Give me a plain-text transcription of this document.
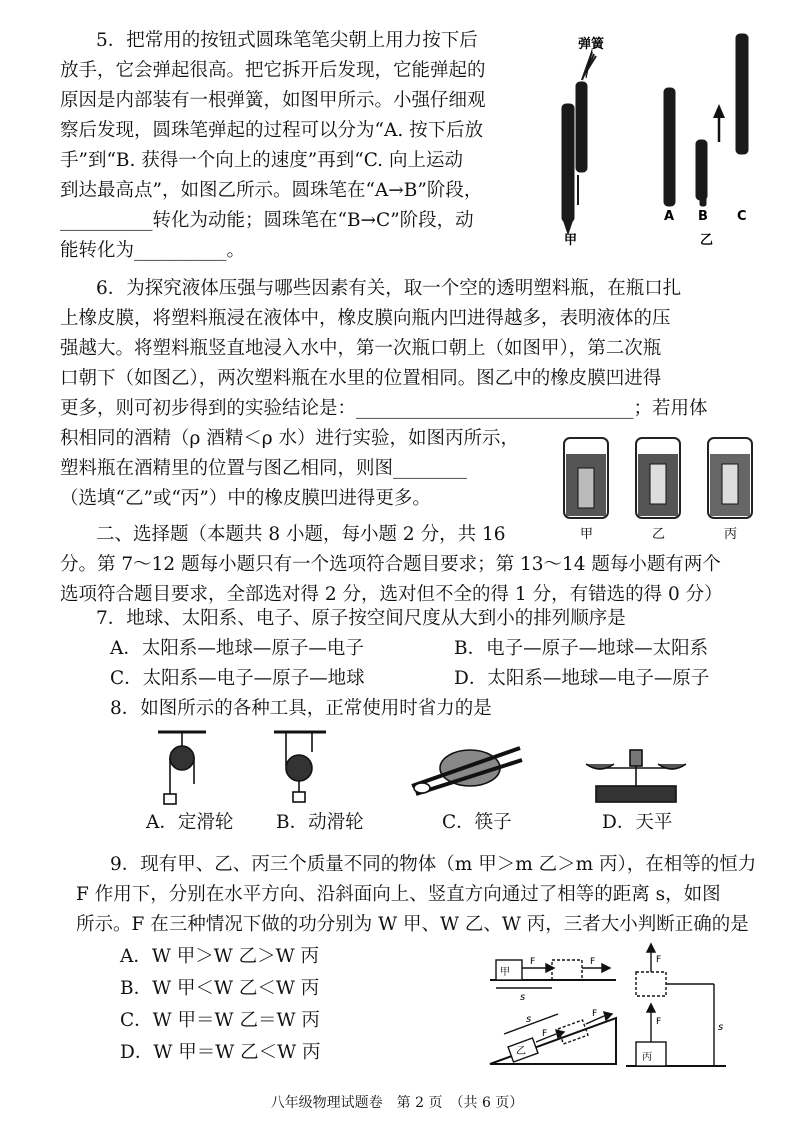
5．把常用的按钮式圆珠笔笔尖朝上用力按下后
放手，它会弹起很高。把它拆开后发现，它能弹起的
原因是内部装有一根弹簧，如图甲所示。小强仔细观
察后发现，圆珠笔弹起的过程可以分为“A. 按下后放
手”到“B. 获得一个向上的速度”再到“C. 向上运动
到达最高点”，如图乙所示。圆珠笔在“A→B”阶段，
__________转化为动能；圆珠笔在“B→C”阶段，动
能转化为__________。
弹簧
甲
A B C
乙
6．为探究液体压强与哪些因素有关，取一个空的透明塑料瓶，在瓶口扎
上橡皮膜，将塑料瓶浸在液体中，橡皮膜向瓶内凹进得越多，表明液体的压
强越大。将塑料瓶竖直地浸入水中，第一次瓶口朝上（如图甲），第二次瓶
口朝下（如图乙），两次塑料瓶在水里的位置相同。图乙中的橡皮膜凹进得
更多，则可初步得到的实验结论是：______________________________；若用体
积相同的酒精（ρ 酒精＜ρ 水）进行实验，如图丙所示，
塑料瓶在酒精里的位置与图乙相同，则图________
（选填“乙”或“丙”）中的橡皮膜凹进得更多。
甲	乙	丙
二、选择题（本题共 8 小题，每小题 2 分，共 16
分。第 7～12 题每小题只有一个选项符合题目要求；第 13～14 题每小题有两个
选项符合题目要求，全部选对得 2 分，选对但不全的得 1 分，有错选的得 0 分）
7．地球、太阳系、电子、原子按空间尺度从大到小的排列顺序是
A．太阳系—地球—原子—电子	B．电子—原子—地球—太阳系
C．太阳系—电子—原子—地球	D．太阳系—地球—电子—原子
8．如图所示的各种工具，正常使用时省力的是
A．定滑轮 B．动滑轮	C．筷子	D．天平
9．现有甲、乙、丙三个质量不同的物体（m 甲＞m 乙＞m 丙），在相等的恒力
F 作用下，分别在水平方向、沿斜面向上、竖直方向通过了相等的距离 s，如图
所示。F 在三种情况下做的功分别为 W 甲、W 乙、W 丙，三者大小判断正确的是
A．W 甲＞W 乙＞W 丙
B．W 甲＜W 乙＜W 丙
C．W 甲＝W 乙＝W 丙
D．W 甲＝W 乙＜W 丙
甲
F	F
s
乙
F
F
s
丙
F
F
s
八年级物理试题卷　第 2 页　（共 6 页）
